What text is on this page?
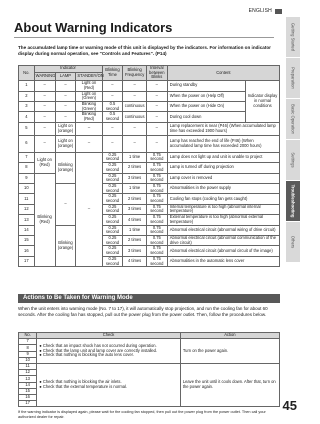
ENGLISH
Getting Started
Preparation
Basic Operation
Settings
Troubleshooting
Others
45
About Warning Indicators

The accumulated lamp time or warning mode of this unit is displayed by the indicators. For information on indicator display during normal operation, see "Controls and Features". (P14)

No.	Indicator			Blinking Time	Blinking Frequency	Interval between Blinks	Content	
	WARNING	LAMP	STANDBY/ON					
1	–	–	Light on (Red)	–	–	–	During standby	Indicator display in normal conditions
2	–	–	Light on (Green)	–	–	–	When the power on (Help Off)	
3	–	–	Blinking (Green)	0.5 second	continuous	–	When the power on (Hide On)	
4	–	–	Blinking (Red)	0.5 second	continuous	–	During cool down	
5	–	Light on (orange)	–	–	–	–	Lamp replacement is near (P46) (When accumulated lamp time has exceeded 1900 hours)	
6	–	Light on (orange)	–	–	–	–	Lamp has reached the end of life (P46) (When accumulated lamp time has exceeded 2000 hours)	
7	Light on (Red)	Blinking (orange)	–	0.25 second	1 time	0.75 second	Lamp does not light up and unit is unable to project	
8				0.25 second	2 times	0.75 second	Lamp is turned off during projection	
9	Blinking (Red)			0.25 second	3 times	0.75 second	Lamp cover is removed	
10		–		0.25 second	1 time	0.75 second	Abnormalities in the power supply	
11				0.25 second	2 times	0.75 second	Cooling fan stops (cooling fan gets caught)	
12				0.25 second	3 times	0.75 second	Internal temperature is too high (abnormal internal temperature)	
13				0.25 second	4 times	0.75 second	External temperature is too high (abnormal external temperature)	
14		Blinking (orange)		0.25 second	1 time	0.75 second	Abnormal electrical circuit (abnormal wiring of drive circuit)	
15				0.25 second	2 times	0.75 second	Abnormal electrical circuit (abnormal communication of the drive circuit)	
16				0.25 second	3 times	0.75 second	Abnormal electrical circuit (abnormal circuit of the image)	
17				0.25 second	4 times	0.75 second	Abnormalities in the automatic lens cover	
Actions to Be Taken for Warning Mode

When the unit enters into warning mode (No. 7 to 17), it will automatically stop projection, and run the cooling fan for about 60 seconds. After the cooling fan has stopped, pull out the power plug from the power outlet. Then, follow the procedures below.

No.	Check	Action
7	● Check that an impact shock has not occurred during operation.
● Check that the lamp unit and lamp cover are correctly installed.
● Check that nothing is blocking the auto lens cover.	Turn on the power again.
8		
9		
10		
11	● Check that nothing is blocking the air inlets.
● Check that the external temperature is normal.	Leave the unit until it cools down. After that, turn on the power again.
12		
13		
14		
15		
16		
17		

If the warning indicator is displayed again, please wait for the cooling fan stopped, then pull out the power plug from the power outlet. Then call your authorized dealer for repair.
